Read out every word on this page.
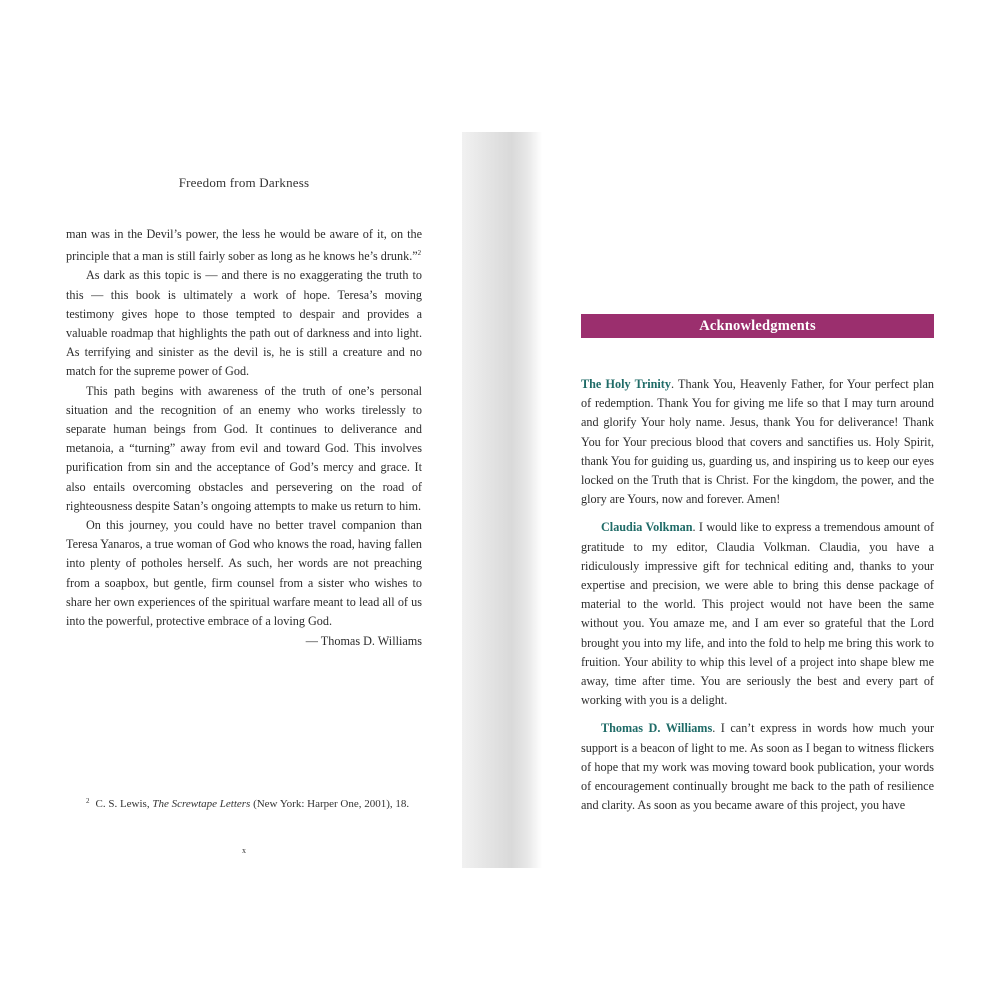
Freedom from Darkness

man was in the Devil’s power, the less he would be aware of it, on the principle that a man is still fairly sober as long as he knows he’s drunk.”$^2$

As dark as this topic is — and there is no exaggerating the truth to this — this book is ultimately a work of hope. Teresa’s moving testimony gives hope to those tempted to despair and provides a valuable roadmap that highlights the path out of darkness and into light. As terrifying and sinister as the devil is, he is still a creature and no match for the supreme power of God.

This path begins with awareness of the truth of one’s personal situation and the recognition of an enemy who works tirelessly to separate human beings from God. It continues to deliverance and metanoia, a “turning” away from evil and toward God. This involves purification from sin and the acceptance of God’s mercy and grace. It also entails overcoming obstacles and persevering on the road of righteousness despite Satan’s ongoing attempts to make us return to him.

On this journey, you could have no better travel companion than Teresa Yanaros, a true woman of God who knows the road, having fallen into plenty of potholes herself. As such, her words are not preaching from a soapbox, but gentle, firm counsel from a sister who wishes to share her own experiences of the spiritual warfare meant to lead all of us into the powerful, protective embrace of a loving God.

— Thomas D. Williams
$^2$ C. S. Lewis, The Screwtape Letters (New York: Harper One, 2001), 18.
x
Acknowledgments

The Holy Trinity. Thank You, Heavenly Father, for Your perfect plan of redemption. Thank You for giving me life so that I may turn around and glorify Your holy name. Jesus, thank You for deliverance! Thank You for Your precious blood that covers and sanctifies us. Holy Spirit, thank You for guiding us, guarding us, and inspiring us to keep our eyes locked on the Truth that is Christ. For the kingdom, the power, and the glory are Yours, now and forever. Amen!

Claudia Volkman. I would like to express a tremendous amount of gratitude to my editor, Claudia Volkman. Claudia, you have a ridiculously impressive gift for technical editing and, thanks to your expertise and precision, we were able to bring this dense package of material to the world. This project would not have been the same without you. You amaze me, and I am ever so grateful that the Lord brought you into my life, and into the fold to help me bring this work to fruition. Your ability to whip this level of a project into shape blew me away, time after time. You are seriously the best and every part of working with you is a delight.

Thomas D. Williams. I can’t express in words how much your support is a beacon of light to me. As soon as I began to witness flickers of hope that my work was moving toward book publication, your words of encouragement continually brought me back to the path of resilience and clarity. As soon as you became aware of this project, you have
